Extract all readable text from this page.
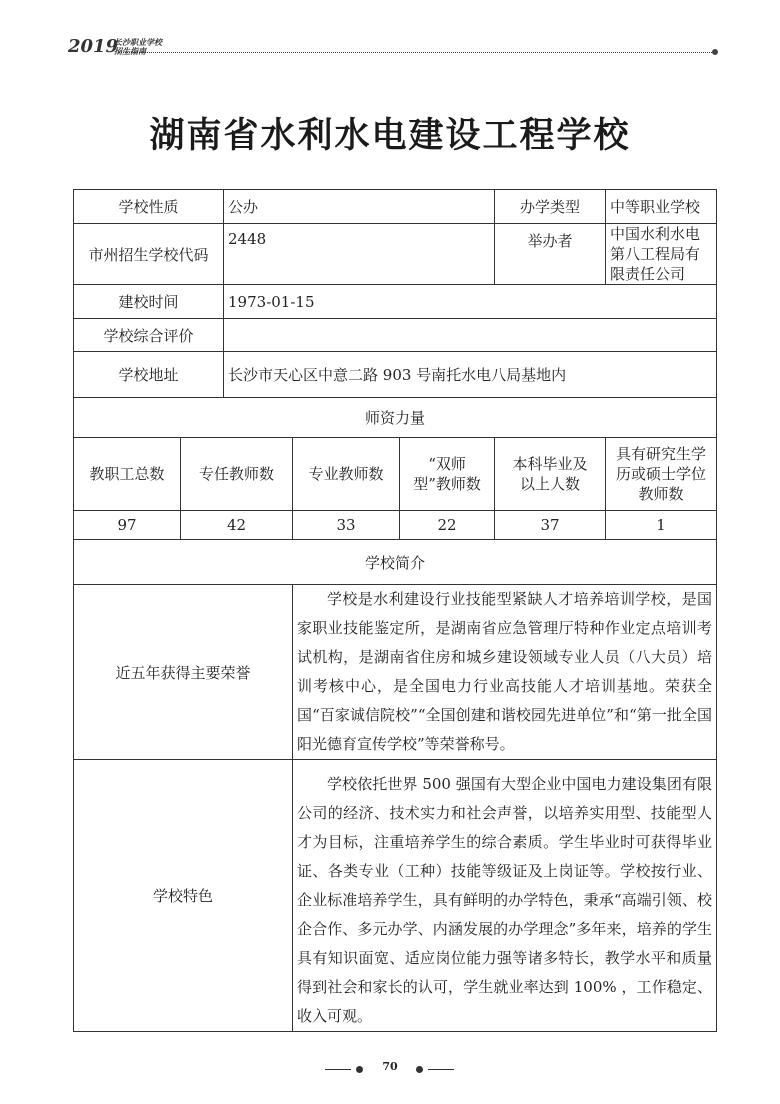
2019
长沙职业学校
招生指南
湖南省水利水电建设工程学校
学校性质		公办			办学类型	中等职业学校
市州招生学校代码		2448			举办者	中国水利水电第八工程局有限责任公司
建校时间		1973-01-15				
学校综合评价						
学校地址		长沙市天心区中意二路 903 号南托水电八局基地内				
师资力量						
教职工总数	专任教师数		专业教师数	“双师型”教师数	本科毕业及以上人数	具有研究生学历或硕士学位教师数
97	42		33	22	37	1
学校简介						
近五年获得主要荣誉			学校是水利建设行业技能型紧缺人才培养培训学校，是国家职业技能鉴定所，是湖南省应急管理厅特种作业定点培训考试机构，是湖南省住房和城乡建设领域专业人员（八大员）培训考核中心，是全国电力行业高技能人才培训基地。荣获全国“百家诚信院校”“全国创建和谐校园先进单位”和“第一批全国阳光德育宣传学校”等荣誉称号。			
学校特色			学校依托世界 500 强国有大型企业中国电力建设集团有限公司的经济、技术实力和社会声誉，以培养实用型、技能型人才为目标，注重培养学生的综合素质。学生毕业时可获得毕业证、各类专业（工种）技能等级证及上岗证等。学校按行业、企业标准培养学生，具有鲜明的办学特色，秉承“高端引领、校企合作、多元办学、内涵发展的办学理念”多年来，培养的学生具有知识面宽、适应岗位能力强等诸多特长，教学水平和质量得到社会和家长的认可，学生就业率达到 100% ，工作稳定、收入可观。			
70
